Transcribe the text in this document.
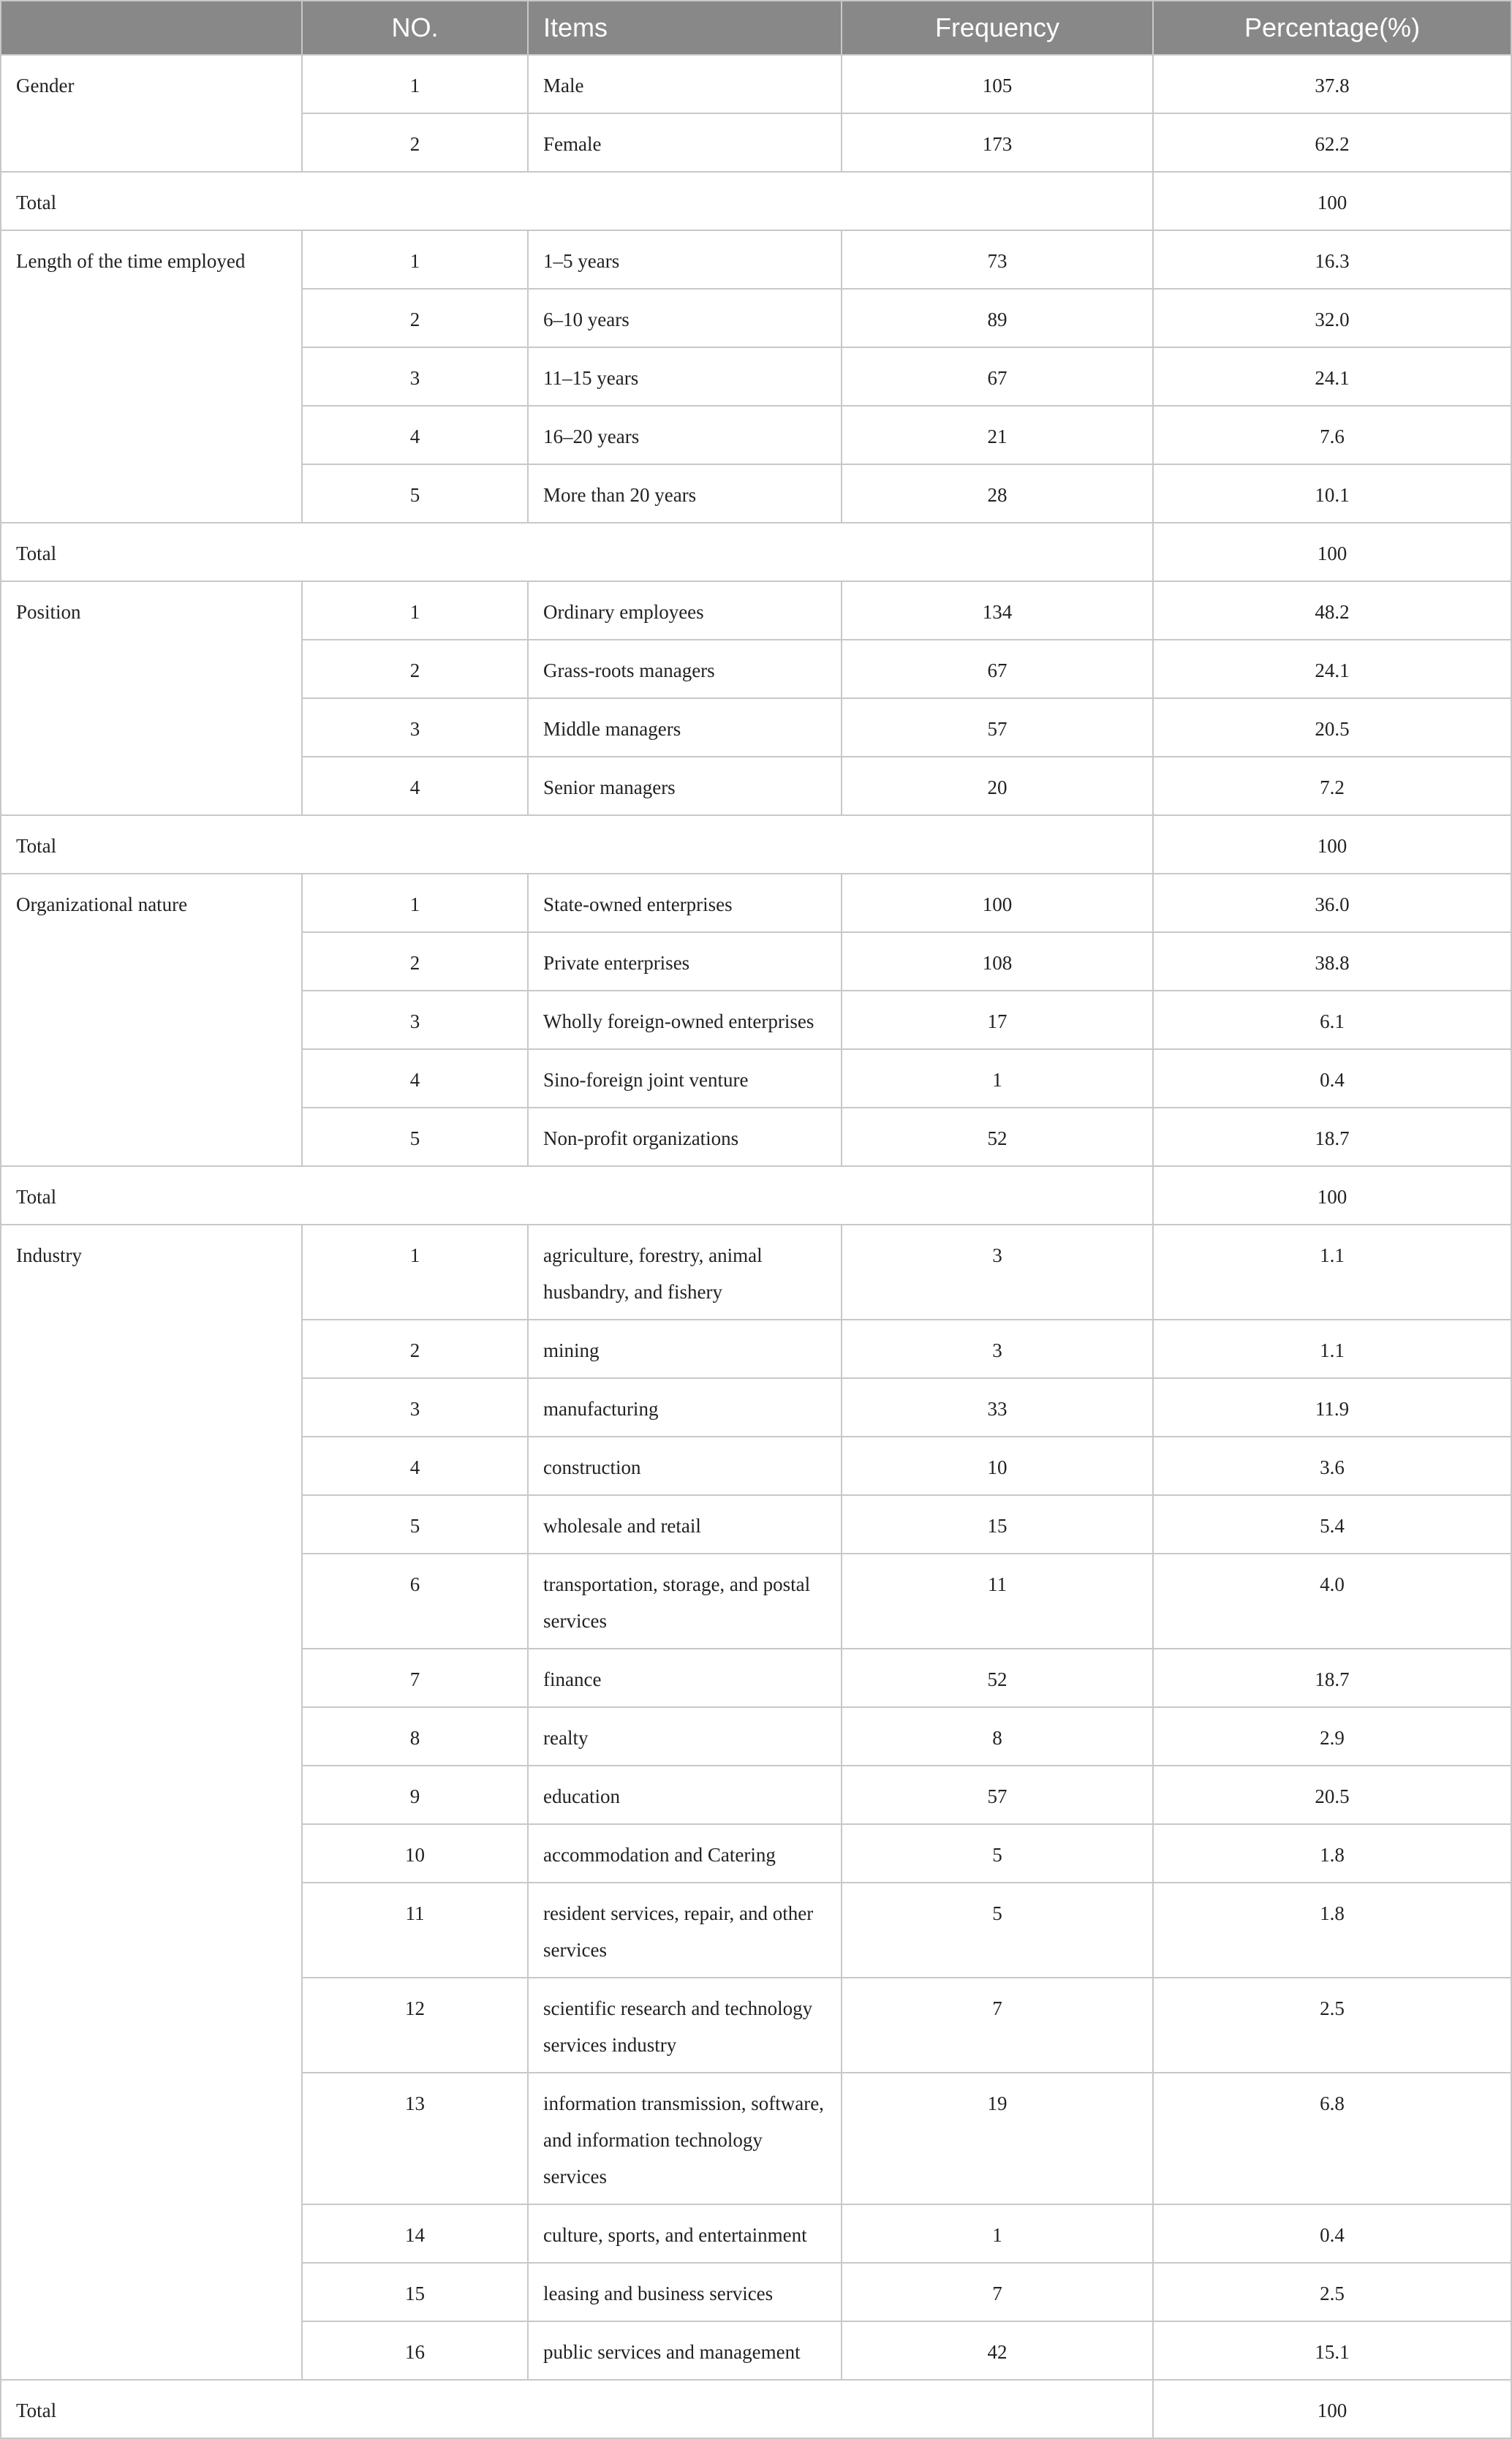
	NO.	Items	Frequency	Percentage(%)
Gender	1	Male	105	37.8
	2	Female	173	62.2
Total				100
Length of the time employed	1	1–5 years	73	16.3
	2	6–10 years	89	32.0
	3	11–15 years	67	24.1
	4	16–20 years	21	7.6
	5	More than 20 years	28	10.1
Total				100
Position	1	Ordinary employees	134	48.2
	2	Grass-roots managers	67	24.1
	3	Middle managers	57	20.5
	4	Senior managers	20	7.2
Total				100
Organizational nature	1	State-owned enterprises	100	36.0
	2	Private enterprises	108	38.8
	3	Wholly foreign-owned enterprises	17	6.1
	4	Sino-foreign joint venture	1	0.4
	5	Non-profit organizations	52	18.7
Total				100
Industry	1	agriculture, forestry, animal husbandry, and fishery	3	1.1
	2	mining	3	1.1
	3	manufacturing	33	11.9
	4	construction	10	3.6
	5	wholesale and retail	15	5.4
	6	transportation, storage, and postal services	11	4.0
	7	finance	52	18.7
	8	realty	8	2.9
	9	education	57	20.5
	10	accommodation and Catering	5	1.8
	11	resident services, repair, and other services	5	1.8
	12	scientific research and technology services industry	7	2.5
	13	information transmission, software, and information technology services	19	6.8
	14	culture, sports, and entertainment	1	0.4
	15	leasing and business services	7	2.5
	16	public services and management	42	15.1
Total				100
